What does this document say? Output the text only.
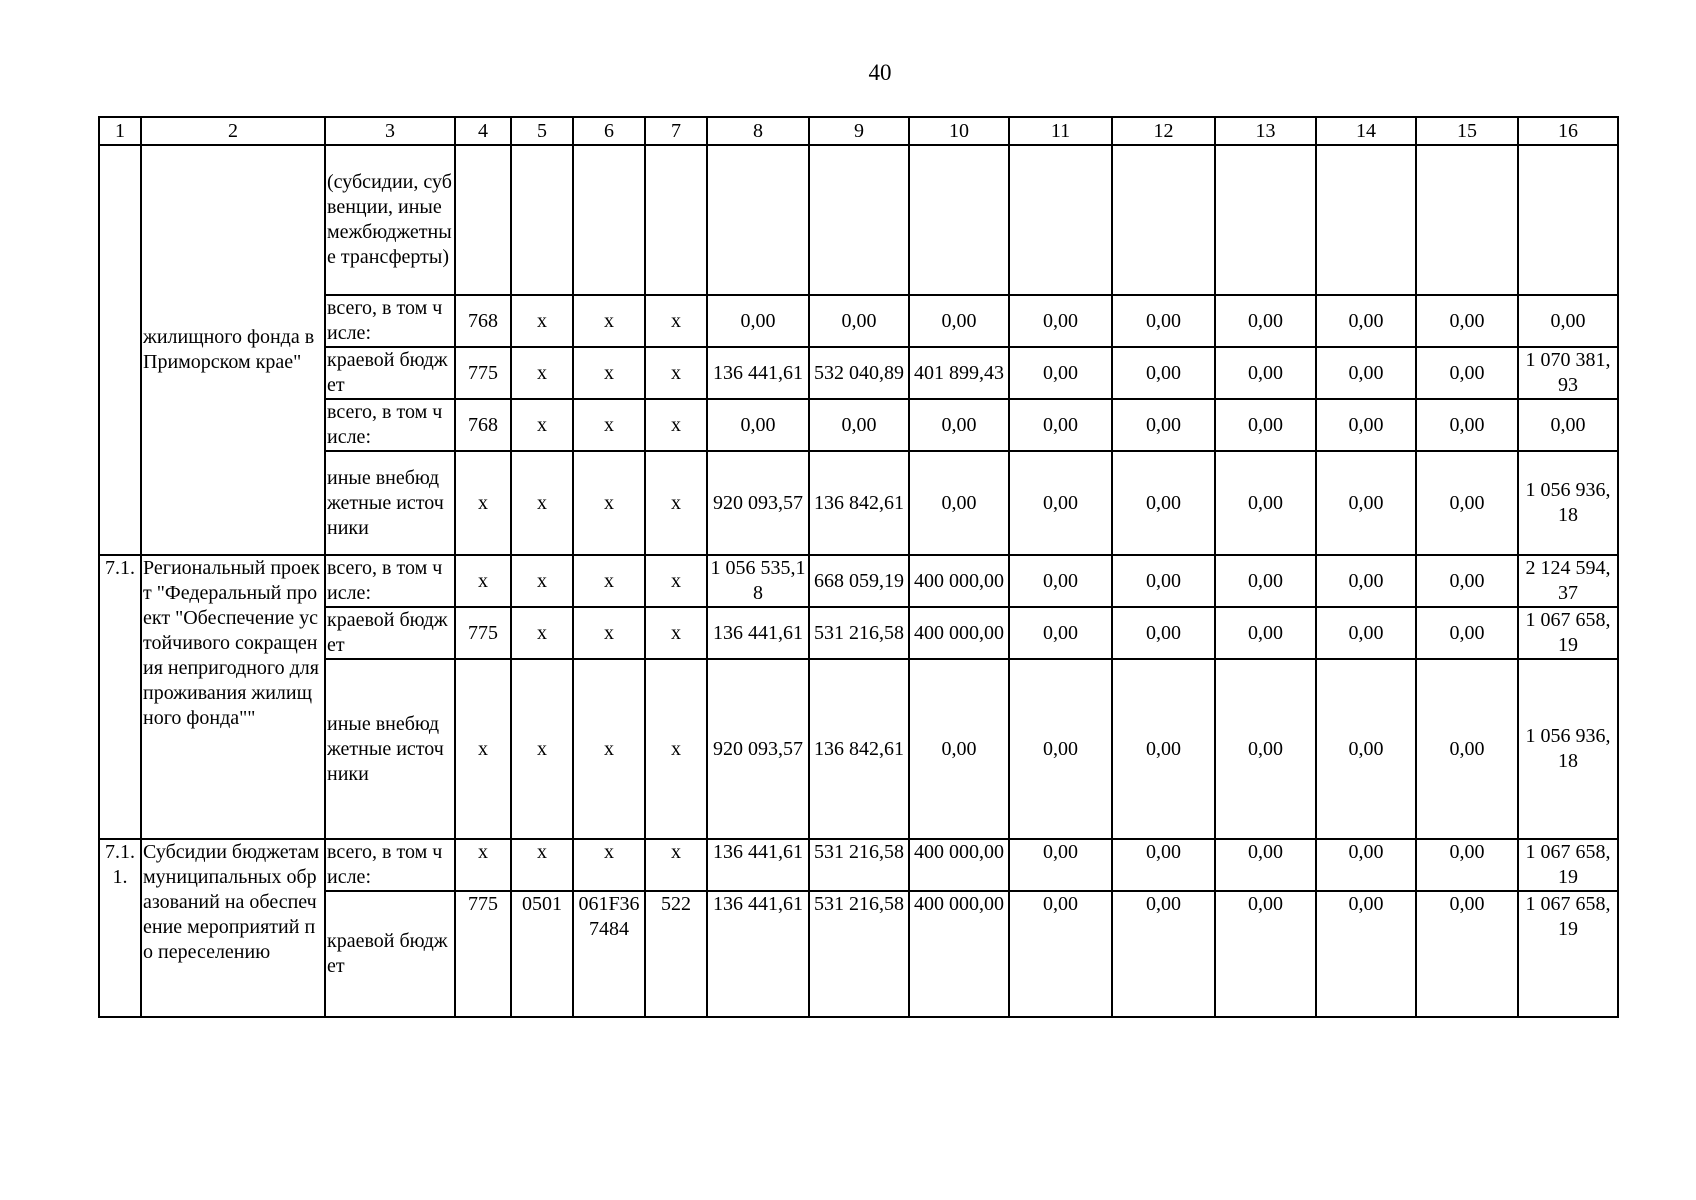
40
1	2	3	4	5	6	7	8	9	10	11	12	13	14	15	16
	жилищного фонда в Приморском крае"	(субсидии, субвенции, иные межбюджетные трансферты)													
		всего, в том числе:	768	x	x	x	0,00	0,00	0,00	0,00	0,00	0,00	0,00	0,00	0,00
		краевой бюджет	775	x	x	x	136 441,61	532 040,89	401 899,43	0,00	0,00	0,00	0,00	0,00	1 070 381,93
		всего, в том числе:	768	x	x	x	0,00	0,00	0,00	0,00	0,00	0,00	0,00	0,00	0,00
		иные внебюджетные источники	x	x	x	x	920 093,57	136 842,61	0,00	0,00	0,00	0,00	0,00	0,00	1 056 936,18
7.1.	Региональный проект "Федеральный проект "Обеспечение устойчивого сокращения непригодного для проживания жилищного фонда""	всего, в том числе:	x	x	x	x	1 056 535,18	668 059,19	400 000,00	0,00	0,00	0,00	0,00	0,00	2 124 594,37
		краевой бюджет	775	x	x	x	136 441,61	531 216,58	400 000,00	0,00	0,00	0,00	0,00	0,00	1 067 658,19
		иные внебюджетные источники	x	x	x	x	920 093,57	136 842,61	0,00	0,00	0,00	0,00	0,00	0,00	1 056 936,18
7.1.1.	Субсидии бюджетам муниципальных образований на обеспечение мероприятий по переселению	всего, в том числе:	x	x	x	x	136 441,61	531 216,58	400 000,00	0,00	0,00	0,00	0,00	0,00	1 067 658,19
		краевой бюджет	775	0501	061F367484	522	136 441,61	531 216,58	400 000,00	0,00	0,00	0,00	0,00	0,00	1 067 658,19
